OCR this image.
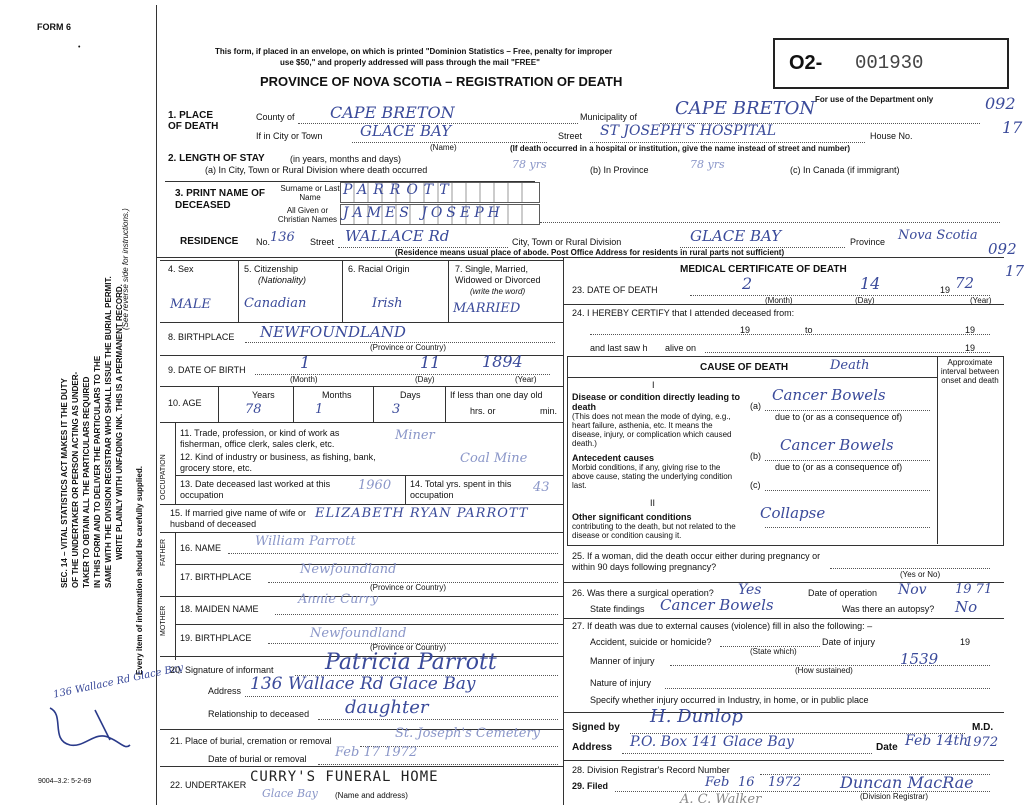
FORM 6
•	This form, if placed in an envelope, on which is printed "Dominion Statistics – Free, penalty for improper
use $50," and properly addressed will pass through the mail "FREE"
PROVINCE OF NOVA SCOTIA – REGISTRATION OF DEATH
O2- 001930
For use of the Department only	092
17
092
17
SEC. 14 – VITAL STATISTICS ACT MAKES IT THE DUTY OF THE UNDERTAKER OR PERSON ACTING AS UNDER- TAKER TO OBTAIN ALL THE PARTICULARS REQUIRED IN THIS FORM AND TO DELIVER THE PARTICULARS TO THE SAME WITH THE DIVISION REGISTRAR WHO SHALL ISSUE THE BURIAL PERMIT. WRITE PLAINLY WITH UNFADING INK. THIS IS A PERMANENT RECORD.
Every item of information should be carefully supplied.
(See reverse side for instructions.)
9004–3.2: 5-2-69
136 Wallace Rd Glace Bay
1. PLACE OF DEATH
County of CAPE BRETON	Municipality of CAPE BRETON
If in City or Town	GLACE BAY
(Name)
Street ST JOSEPH'S HOSPITAL	House No.
(If death occurred in a hospital or institution, give the name instead of street and number)
2. LENGTH OF STAY	(in years, months and days)
(a) In City, Town or Rural Division where death occurred	78 yrs	(b) In Province	78 yrs	(c) In Canada (if immigrant)
3. PRINT NAME OF DECEASED
Surname or Last Name
All Given or Christian Names
PARROTT
JAMES JOSEPH
RESIDENCE No. 136 Street WALLACE Rd	City, Town or Rural Division	GLACE BAY	Province Nova Scotia
(Residence means usual place of abode. Post Office Address for residents in rural parts not sufficient)
4. Sex
MALE
5. Citizenship
(Nationality)
Canadian
6. Racial Origin
Irish
7. Single, Married, Widowed or Divorced
(write the word)
MARRIED
8. BIRTHPLACE NEWFOUNDLAND
(Province or Country)
9. DATE OF BIRTH	1	11	1894
(Month)	(Day)	(Year)
10. AGE
Years
78
Months
1
Days
3
If less than one day old
hrs. or	min.
OCCUPATION
11. Trade, profession, or kind of work as fisherman, office clerk, sales clerk, etc.
Miner
12. Kind of industry or business, as fishing, bank, grocery store, etc.
Coal Mine
13. Date deceased last worked at this occupation
1960 14. Total yrs. spent in this occupation	43
15. If married give name of wife or husband of deceased
ELIZABETH RYAN PARROTT
FATHER 16. NAME	William Parrott
17. BIRTHPLACE	Newfoundland
(Province or Country)
MOTHER 18. MAIDEN NAME
Annie Curry
19. BIRTHPLACE	Newfoundland
(Province or Country)
20. Signature of informant Patricia Parrott
Address 136 Wallace Rd Glace Bay
Relationship to deceased daughter
21. Place of burial, cremation or removal	St. Joseph's Cemetery
Date of burial or removal Feb 17 1972
22. UNDERTAKER CURRY'S FUNERAL HOME
Glace Bay (Name and address)
MEDICAL CERTIFICATE OF DEATH
23. DATE OF DEATH	2	14	19 72
(Month)	(Day)	(Year)
24. I HEREBY CERTIFY that I attended deceased from:
19	to	19
and last saw h alive on	19
CAUSE OF DEATH	Death	Approximate interval between onset and death
I
Disease or condition directly leading to death
(This does not mean the mode of dying, e.g., heart failure, asthenia, etc. It means the disease, injury, or complication which caused death.)
(a)
Cancer Bowels
due to (or as a consequence of)
Antecedent causes
Morbid conditions, if any, giving rise to the above cause, stating the underlying condition last.
(b)
Cancer Bowels
due to (or as a consequence of)
(c)
II
Other significant conditions
contributing to the death, but not related to the disease or condition causing it.
Collapse
25. If a woman, did the death occur either during pregnancy or within 90 days following pregnancy?
(Yes or No)
26. Was there a surgical operation? Yes	Date of operation Nov 19 71
State findings Cancer Bowels	Was there an autopsy? No
27. If death was due to external causes (violence) fill in also the following: –
Accident, suicide or homicide?
(State which)
Date of injury	19
Manner of injury	1539
(How sustained)
Nature of injury
Specify whether injury occurred in Industry, in home, or in public place
Signed by
H. Dunlop
M.D.
Address P.O. Box 141 Glace Bay	Date Feb 14th
1972
28. Division Registrar's Record Number
29. Filed	Feb 16 1972 Duncan MacRae
(Division Registrar)
A. C. Walker
